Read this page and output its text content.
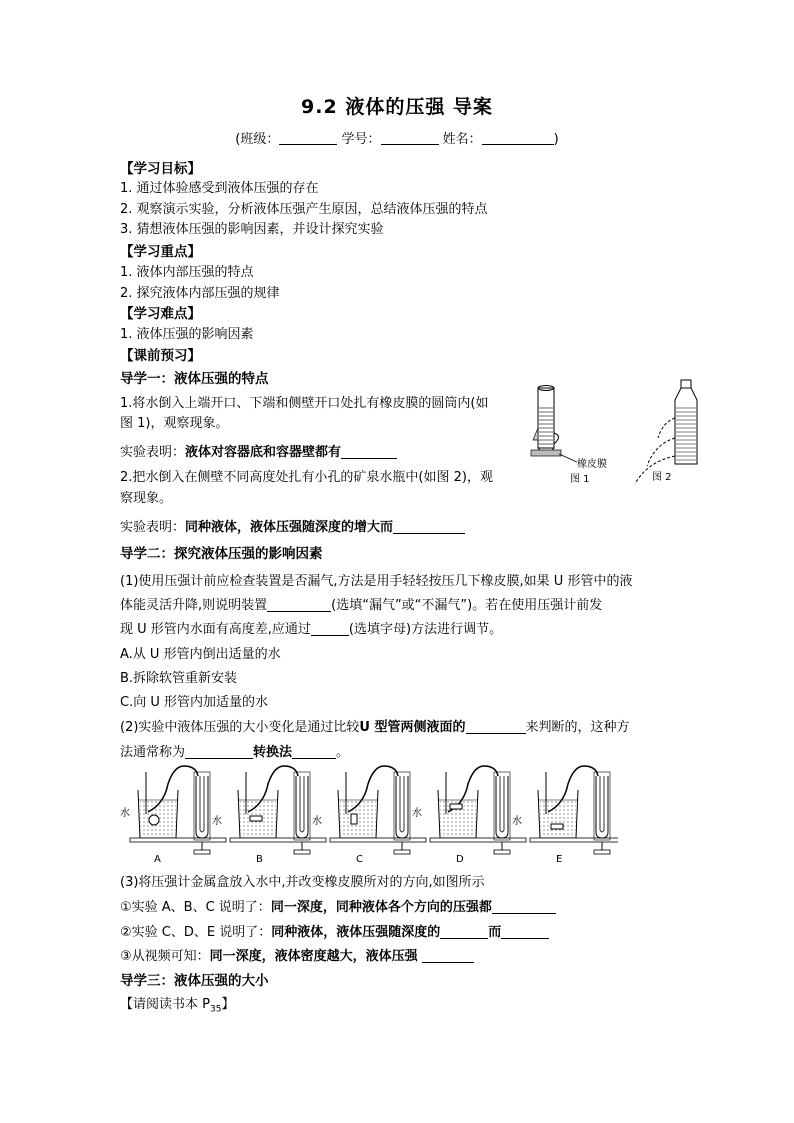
9.2 液体的压强 导案
(班级：	学号：	姓名：	)
【学习目标】
1. 通过体验感受到液体压强的存在
2. 观察演示实验，分析液体压强产生原因，总结液体压强的特点
3. 猜想液体压强的影响因素，并设计探究实验
【学习重点】
1. 液体内部压强的特点
2. 探究液体内部压强的规律
【学习难点】
1. 液体压强的影响因素
【课前预习】
导学一：液体压强的特点
1.将水倒入上端开口、下端和侧壁开口处扎有橡皮膜的圆筒内(如
图 1)，观察现象。
实验表明：液体对容器底和容器壁都有
2.把水倒入在侧壁不同高度处扎有小孔的矿泉水瓶中(如图 2)，观
察现象。
实验表明：同种液体，液体压强随深度的增大而
橡皮膜
图 1	图 2
导学二：探究液体压强的影响因素
(1)使用压强计前应检查装置是否漏气,方法是用手轻轻按压几下橡皮膜,如果 U 形管中的液
体能灵活升降,则说明装置	(选填“漏气”或“不漏气”)。若在使用压强计前发
现 U 形管内水面有高度差,应通过	(选填字母)方法进行调节。
A.从 U 形管内倒出适量的水
B.拆除软管重新安装
C.向 U 形管内加适量的水
(2)实验中液体压强的大小变化是通过比较U 型管两侧液面的	来判断的，这种方
法通常称为	转换法	。
水
A
水
B
水
C
水
D
水
E
(3)将压强计金属盒放入水中,并改变橡皮膜所对的方向,如图所示
①实验 A、B、C 说明了：同一深度，同种液体各个方向的压强都
②实验 C、D、E 说明了：同种液体，液体压强随深度的	而
③从视频可知：同一深度，液体密度越大，液体压强
导学三：液体压强的大小
【请阅读书本 $P_{35}$】
